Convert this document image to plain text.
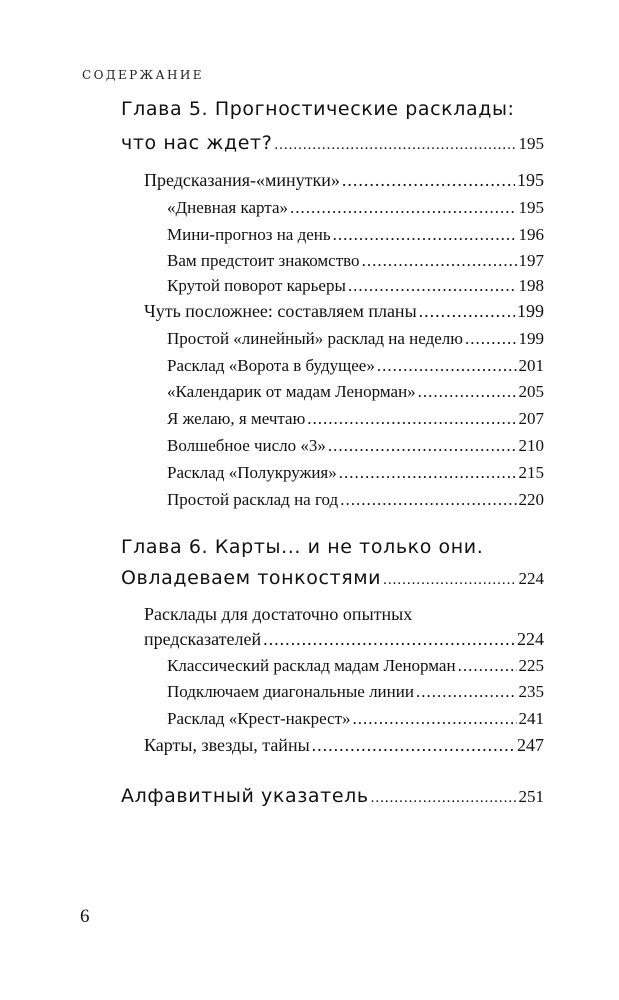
СОДЕРЖАНИЕ
Глава 5. Прогностические расклады:
что нас ждет? .....	195
Предсказания-«минутки» .....	195
«Дневная карта» .....	195
Мини-прогноз на день .....	196
Вам предстоит знакомство .....	197
Крутой поворот карьеры .....	198
Чуть посложнее: составляем планы .....	199
Простой «линейный» расклад на неделю .....	199
Расклад «Ворота в будущее» .....	201
«Календарик от мадам Ленорман» .....	205
Я желаю, я мечтаю .....	207
Волшебное число «3» .....	210
Расклад «Полукружия» .....	215
Простой расклад на год .....	220
Глава 6. Карты... и не только они.
Овладеваем тонкостями .....	224
Расклады для достаточно опытных
предсказателей .....	224
Классический расклад мадам Ленорман .....	225
Подключаем диагональные линии .....	235
Расклад «Крест-накрест» .....	241
Карты, звезды, тайны .....	247
Алфавитный указатель .....	251
6
